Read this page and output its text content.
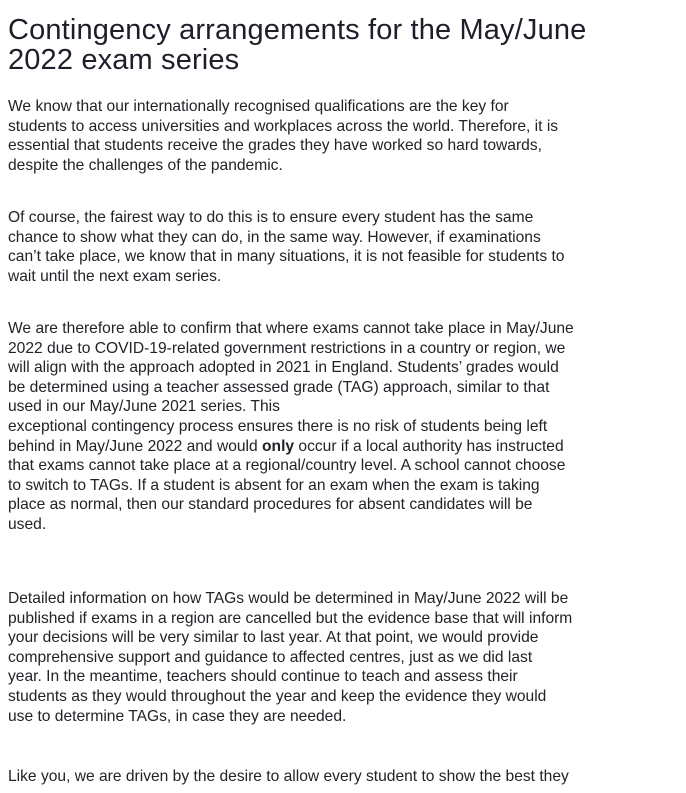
Contingency arrangements for the May/June
2022 exam series

We know that our internationally recognised qualifications are the key for
students to access universities and workplaces across the world. Therefore, it is
essential that students receive the grades they have worked so hard towards,
despite the challenges of the pandemic.

Of course, the fairest way to do this is to ensure every student has the same
chance to show what they can do, in the same way. However, if examinations
can’t take place, we know that in many situations, it is not feasible for students to
wait until the next exam series.

We are therefore able to confirm that where exams cannot take place in May/June
2022 due to COVID-19-related government restrictions in a country or region, we
will align with the approach adopted in 2021 in England. Students’ grades would
be determined using a teacher assessed grade (TAG) approach, similar to that
used in our May/June 2021 series. This
exceptional contingency process ensures there is no risk of students being left
behind in May/June 2022 and would only occur if a local authority has instructed
that exams cannot take place at a regional/country level. A school cannot choose
to switch to TAGs. If a student is absent for an exam when the exam is taking
place as normal, then our standard procedures for absent candidates will be
used.

Detailed information on how TAGs would be determined in May/June 2022 will be
published if exams in a region are cancelled but the evidence base that will inform
your decisions will be very similar to last year. At that point, we would provide
comprehensive support and guidance to affected centres, just as we did last
year. In the meantime, teachers should continue to teach and assess their
students as they would throughout the year and keep the evidence they would
use to determine TAGs, in case they are needed.

Like you, we are driven by the desire to allow every student to show the best they
